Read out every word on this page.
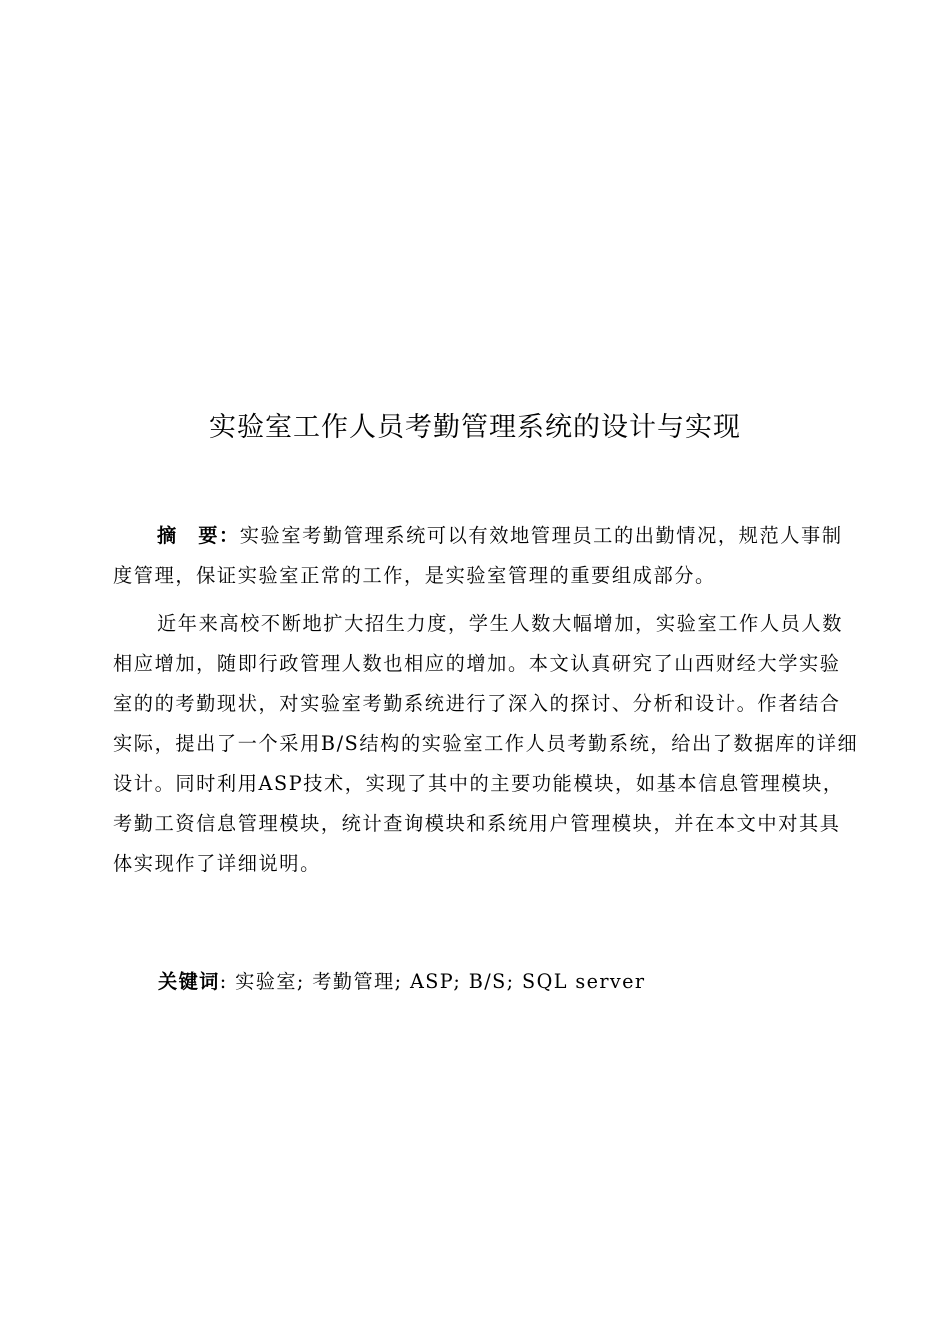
实验室工作人员考勤管理系统的设计与实现

摘要：实验室考勤管理系统可以有效地管理员工的出勤情况，规范人事制度管理，保证实验室正常的工作，是实验室管理的重要组成部分。

近年来高校不断地扩大招生力度，学生人数大幅增加，实验室工作人员人数相应增加，随即行政管理人数也相应的增加。本文认真研究了山西财经大学实验室的的考勤现状，对实验室考勤系统进行了深入的探讨、分析和设计。作者结合实际，提出了一个采用B/S结构的实验室工作人员考勤系统，给出了数据库的详细设计。同时利用ASP技术，实现了其中的主要功能模块，如基本信息管理模块，考勤工资信息管理模块，统计查询模块和系统用户管理模块，并在本文中对其具体实现作了详细说明。

关键词: 实验室; 考勤管理; ASP; B/S; SQL server
